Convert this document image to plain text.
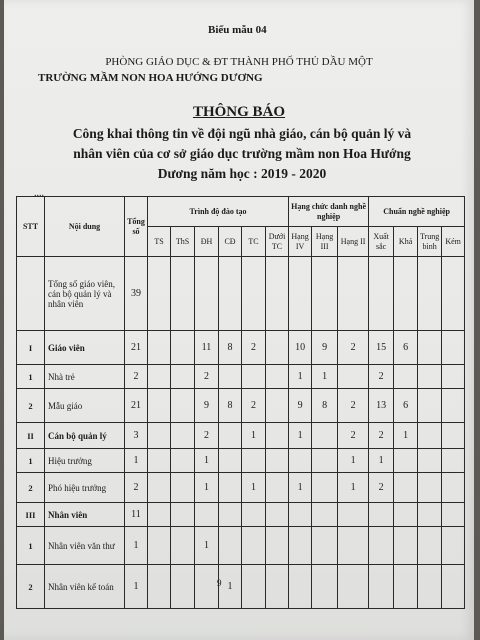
Biểu mẫu 04
PHÒNG GIÁO DỤC & ĐT THÀNH PHỐ THỦ DẦU MỘT
TRƯỜNG MẦM NON HOA HƯỚNG DƯƠNG
THÔNG BÁO
Công khai thông tin về đội ngũ nhà giáo, cán bộ quản lý và nhân viên của cơ sở giáo dục trường mầm non Hoa Hướng Dương năm học : 2019 - 2020
....
STT	Nội dung	Tổng số	Trình độ đào tạo						Hạng chức danh nghề nghiệp			Chuẩn nghề nghiệp			
			TS	ThS	ĐH	CĐ	TC	Dưới TC	Hạng IV	Hạng III	Hạng II	Xuất sắc	Khá	Trung bình	Kém
	Tổng số giáo viên, cán bộ quản lý và nhân viên	39													
I	Giáo viên	21			11	8	2		10	9	2	15	6		
1	Nhà trẻ	2			2				1	1		2			
2	Mẫu giáo	21			9	8	2		9	8	2	13	6		
II	Cán bộ quản lý	3			2		1		1		2	2	1		
1	Hiệu trưởng	1			1						1	1			
2	Phó hiệu trưởng	2			1		1		1		1	2			
III	Nhân viên	11													
1	Nhân viên văn thư	1			1										
2	Nhân viên kế toán	1				1									
9
